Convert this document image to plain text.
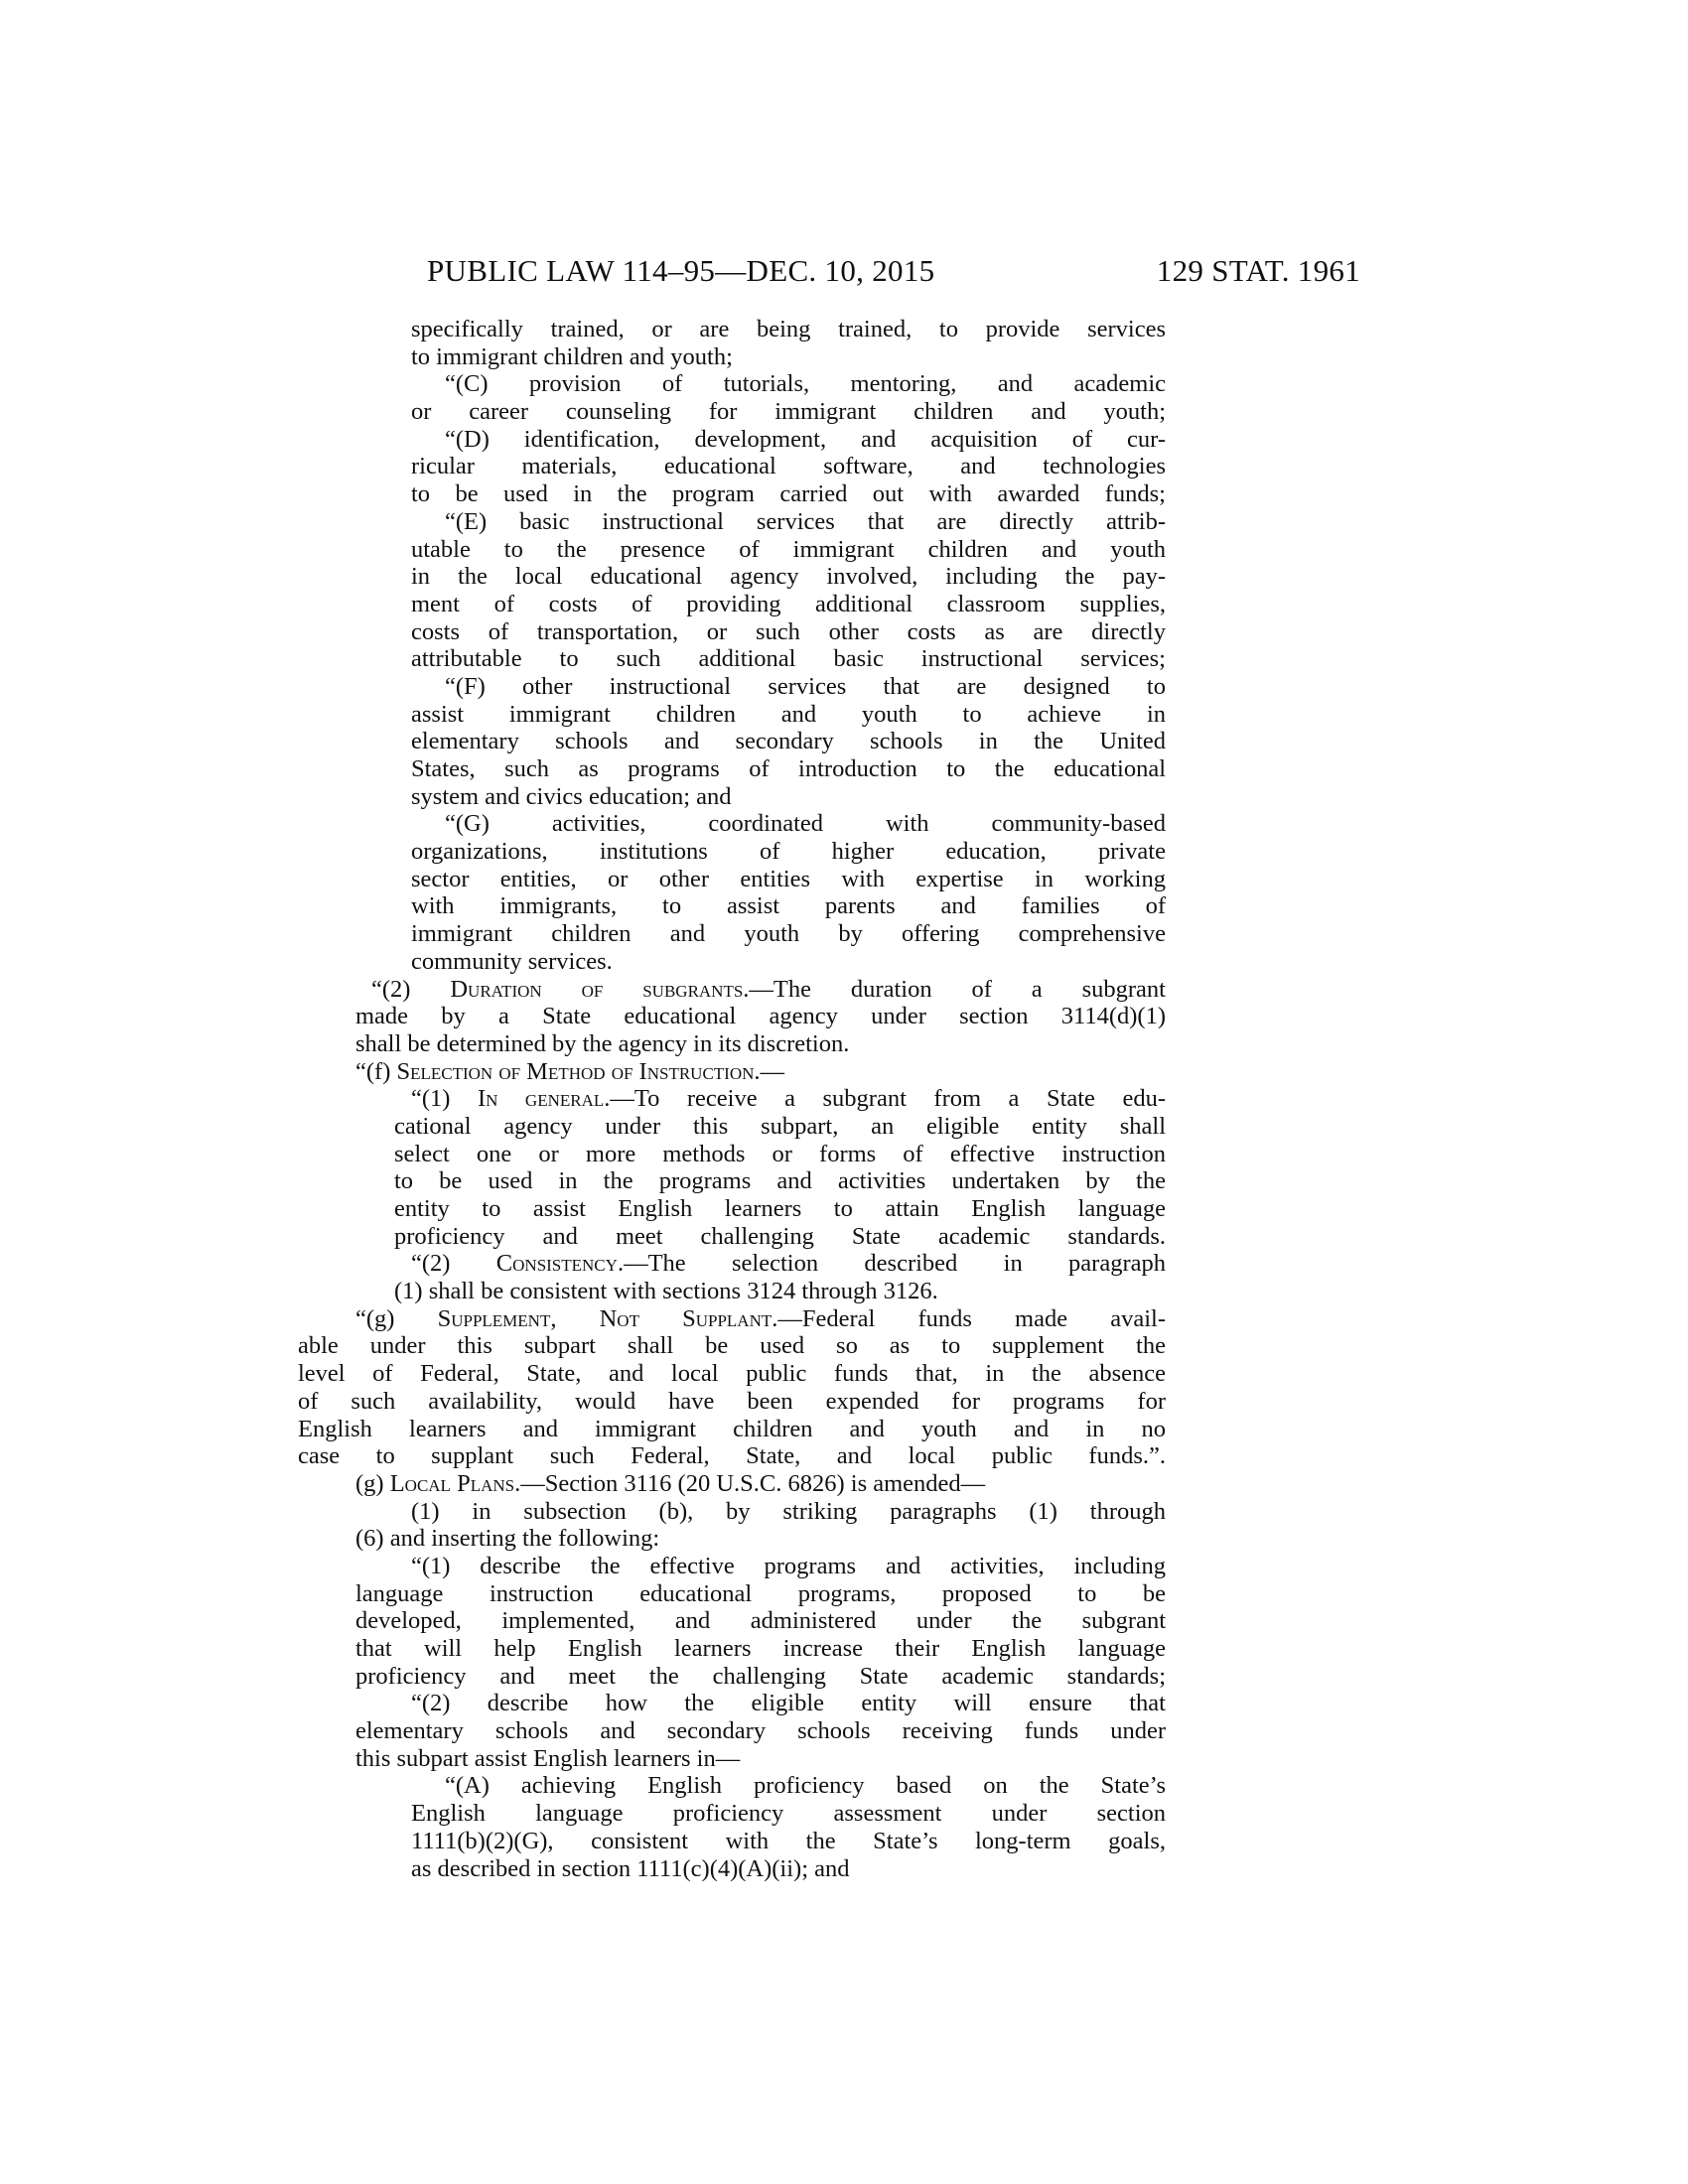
PUBLIC LAW 114–95—DEC. 10, 2015	129 STAT. 1961
specifically trained, or are being trained, to provide services
to immigrant children and youth;
“(C) provision of tutorials, mentoring, and academic
or career counseling for immigrant children and youth;
“(D) identification, development, and acquisition of cur-
ricular materials, educational software, and technologies
to be used in the program carried out with awarded funds;
“(E) basic instructional services that are directly attrib-
utable to the presence of immigrant children and youth
in the local educational agency involved, including the pay-
ment of costs of providing additional classroom supplies,
costs of transportation, or such other costs as are directly
attributable to such additional basic instructional services;
“(F) other instructional services that are designed to
assist immigrant children and youth to achieve in
elementary schools and secondary schools in the United
States, such as programs of introduction to the educational
system and civics education; and
“(G) activities, coordinated with community-based
organizations, institutions of higher education, private
sector entities, or other entities with expertise in working
with immigrants, to assist parents and families of
immigrant children and youth by offering comprehensive
community services.
“(2) Duration of subgrants.—The duration of a subgrant
made by a State educational agency under section 3114(d)(1)
shall be determined by the agency in its discretion.
“(f) Selection of Method of Instruction.—
“(1) In general.—To receive a subgrant from a State edu-
cational agency under this subpart, an eligible entity shall
select one or more methods or forms of effective instruction
to be used in the programs and activities undertaken by the
entity to assist English learners to attain English language
proficiency and meet challenging State academic standards.
“(2) Consistency.—The selection described in paragraph
(1) shall be consistent with sections 3124 through 3126.
“(g) Supplement, Not Supplant.—Federal funds made avail-
able under this subpart shall be used so as to supplement the
level of Federal, State, and local public funds that, in the absence
of such availability, would have been expended for programs for
English learners and immigrant children and youth and in no
case to supplant such Federal, State, and local public funds.”.
(g) Local Plans.—Section 3116 (20 U.S.C. 6826) is amended—
(1) in subsection (b), by striking paragraphs (1) through
(6) and inserting the following:
“(1) describe the effective programs and activities, including
language instruction educational programs, proposed to be
developed, implemented, and administered under the subgrant
that will help English learners increase their English language
proficiency and meet the challenging State academic standards;
“(2) describe how the eligible entity will ensure that
elementary schools and secondary schools receiving funds under
this subpart assist English learners in—
“(A) achieving English proficiency based on the State’s
English language proficiency assessment under section
1111(b)(2)(G), consistent with the State’s long-term goals,
as described in section 1111(c)(4)(A)(ii); and
